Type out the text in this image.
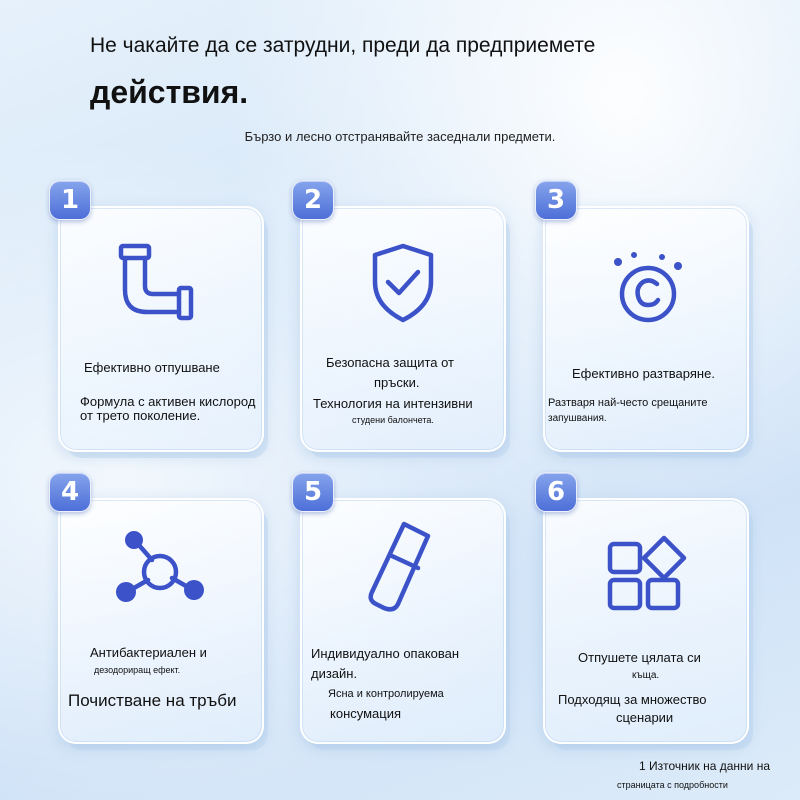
Не чакайте да се затрудни, преди да предприемете
действия.
Бързо и лесно отстранявайте заседнали предмети.
1
Ефективно отпушване
Формула с активен кислород
от трето поколение.
2
Безопасна защита от
пръски.
Технология на интензивни
студени балончета.
3
Ефективно разтваряне.
Разтваря най-често срещаните
запушвания.
4
Антибактериален и
дезодориращ ефект.
Почистване на тръби
5
Индивидуално опакован
дизайн.
Ясна и контролируема
консумация
6
Отпушете цялата си
къща.
Подходящ за множество
сценарии
1 Източник на данни на
страницата с подробности
